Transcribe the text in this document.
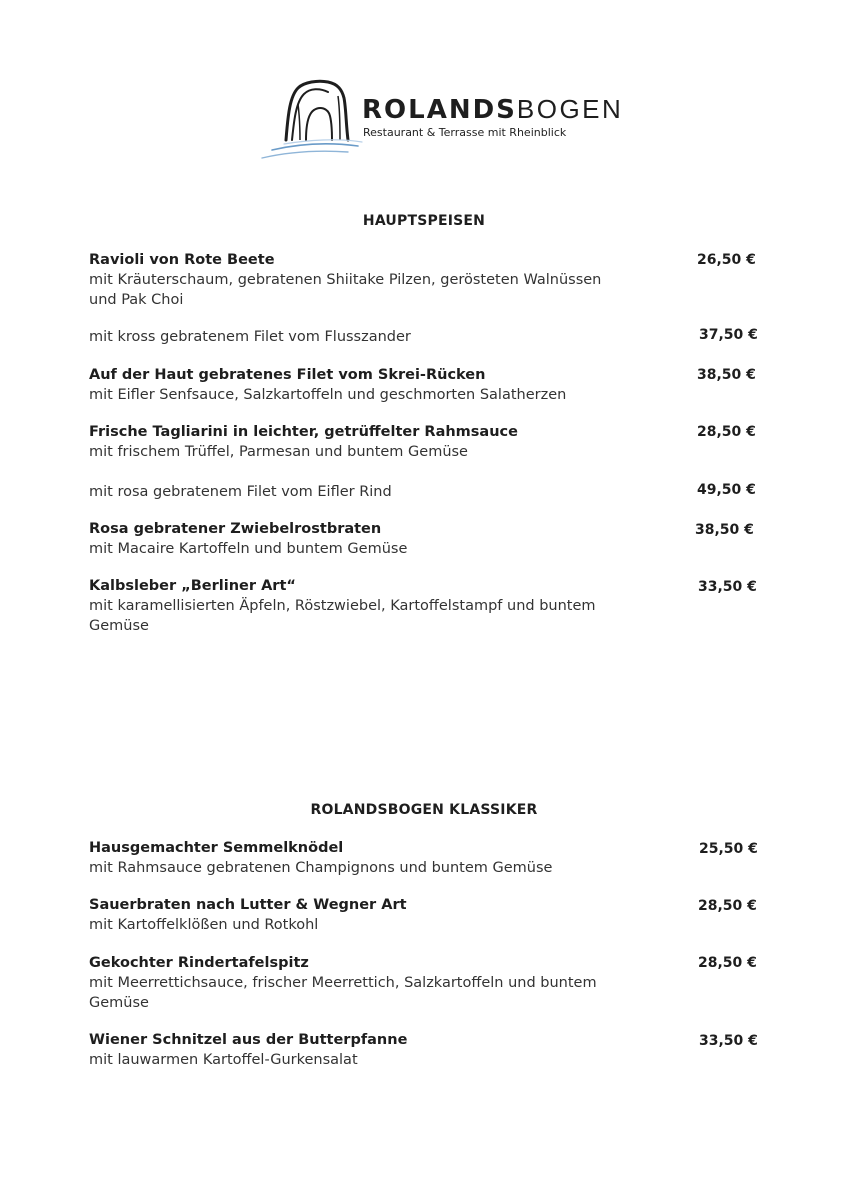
ROLANDSBOGEN
Restaurant & Terrasse mit Rheinblick
HAUPTSPEISEN
Ravioli von Rote Beete
mit Kräuterschaum, gebratenen Shiitake Pilzen, gerösteten Walnüssen und Pak Choi
26,50 €
mit kross gebratenem Filet vom Flusszander	37,50 €
Auf der Haut gebratenes Filet vom Skrei-Rücken
mit Eifler Senfsauce, Salzkartoffeln und geschmorten Salatherzen
38,50 €
Frische Tagliarini in leichter, getrüffelter Rahmsauce
mit frischem Trüffel, Parmesan und buntem Gemüse
28,50 €
mit rosa gebratenem Filet vom Eifler Rind	49,50 €
Rosa gebratener Zwiebelrostbraten
mit Macaire Kartoffeln und buntem Gemüse
38,50 €
Kalbsleber „Berliner Art“
mit karamellisierten Äpfeln, Röstzwiebel, Kartoffelstampf und buntem Gemüse
33,50 €
ROLANDSBOGEN KLASSIKER
Hausgemachter Semmelknödel
mit Rahmsauce gebratenen Champignons und buntem Gemüse
25,50 €
Sauerbraten nach Lutter & Wegner Art
mit Kartoffelklößen und Rotkohl
28,50 €
Gekochter Rindertafelspitz
mit Meerrettichsauce, frischer Meerrettich, Salzkartoffeln und buntem Gemüse
28,50 €
Wiener Schnitzel aus der Butterpfanne
mit lauwarmen Kartoffel-Gurkensalat
33,50 €
